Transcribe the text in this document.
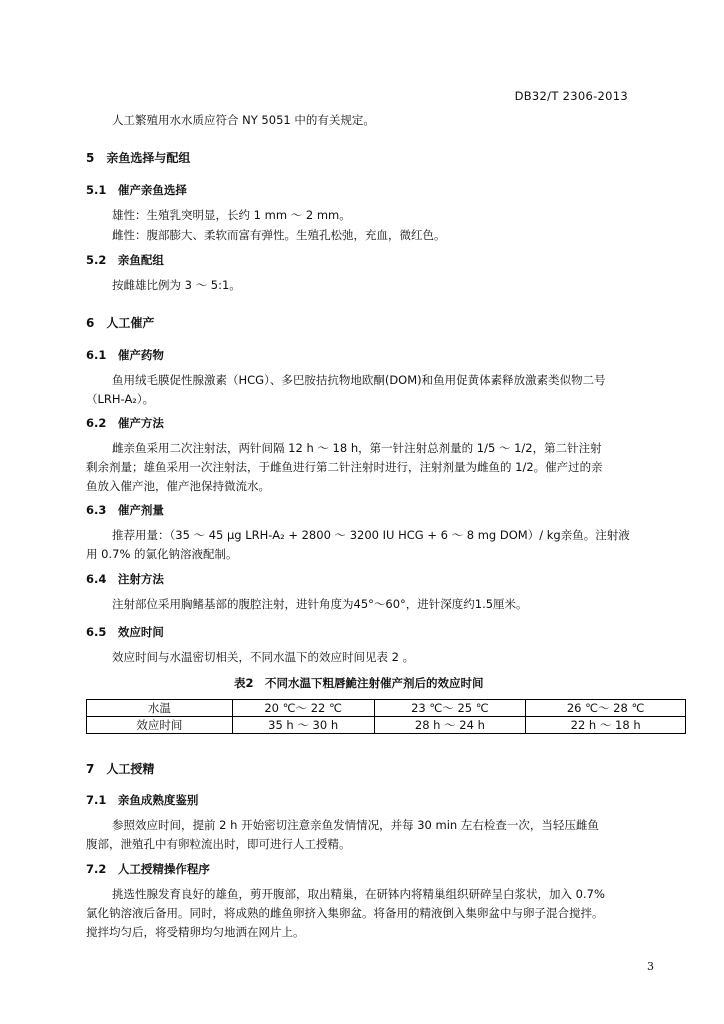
DB32/T 2306-2013
人工繁殖用水水质应符合 NY 5051 中的有关规定。
5　亲鱼选择与配组
5.1　催产亲鱼选择
雄性：生殖乳突明显，长约 1 mm ～ 2 mm。
雌性：腹部膨大、柔软而富有弹性。生殖孔松弛，充血，微红色。
5.2　亲鱼配组
按雌雄比例为 3 ～ 5:1。
6　人工催产
6.1　催产药物
鱼用绒毛膜促性腺激素（HCG）、多巴胺拮抗物地欧酮(DOM)和鱼用促黄体素释放激素类似物二号
（LRH-A₂）。
6.2　催产方法
雌亲鱼采用二次注射法，两针间隔 12 h ～ 18 h，第一针注射总剂量的 1/5 ～ 1/2，第二针注射
剩余剂量；雄鱼采用一次注射法，于雌鱼进行第二针注射时进行，注射剂量为雌鱼的 1/2。催产过的亲
鱼放入催产池，催产池保持微流水。
6.3　催产剂量
推荐用量：（35 ～ 45 μg LRH-A₂ + 2800 ～ 3200 IU HCG + 6 ～ 8 mg DOM）/ kg亲鱼。注射液
用 0.7% 的氯化钠溶液配制。
6.4　注射方法
注射部位采用胸鳍基部的腹腔注射，进针角度为45°～60°，进针深度约1.5厘米。
6.5　效应时间
效应时间与水温密切相关，不同水温下的效应时间见表 2 。
表2　不同水温下粗唇鮠注射催产剂后的效应时间
水温	20 ℃～ 22 ℃	23 ℃～ 25 ℃	26 ℃～ 28 ℃
效应时间	35 h ～ 30 h	28 h ～ 24 h	22 h ～ 18 h
7　人工授精
7.1　亲鱼成熟度鉴别
参照效应时间，提前 2 h 开始密切注意亲鱼发情情况，并每 30 min 左右检查一次，当轻压雌鱼
腹部，泄殖孔中有卵粒流出时，即可进行人工授精。
7.2　人工授精操作程序
挑选性腺发育良好的雄鱼，剪开腹部，取出精巢，在研钵内将精巢组织研碎呈白浆状，加入 0.7%
氯化钠溶液后备用。同时，将成熟的雌鱼卵挤入集卵盆。将备用的精液倒入集卵盆中与卵子混合搅拌。
搅拌均匀后，将受精卵均匀地洒在网片上。
3
